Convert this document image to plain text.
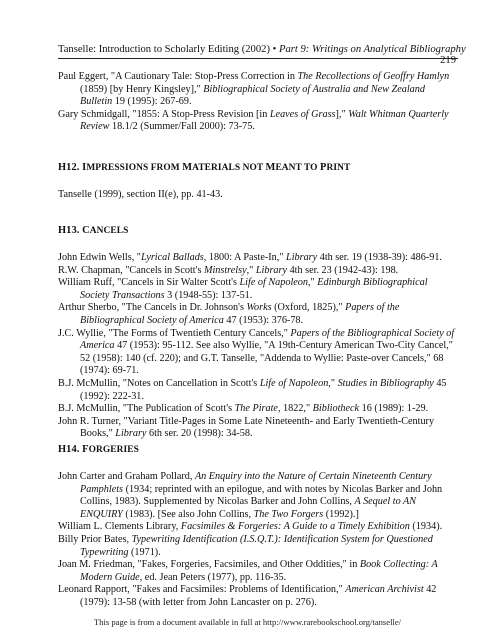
Tanselle: Introduction to Scholarly Editing (2002) • Part 9: Writings on Analytical Bibliography
219

Paul Eggert, "A Cautionary Tale: Stop-Press Correction in The Recollections of Geoffry Hamlyn (1859) [by Henry Kingsley]," Bibliographical Society of Australia and New Zealand Bulletin 19 (1995): 267-69.

Gary Schmidgall, "1855: A Stop-Press Revision [in Leaves of Grass]," Walt Whitman Quarterly Review 18.1/2 (Summer/Fall 2000): 73-75.

H12. IMPRESSIONS FROM MATERIALS NOT MEANT TO PRINT

Tanselle (1999), section II(e), pp. 41-43.

H13. CANCELS

John Edwin Wells, "Lyrical Ballads, 1800: A Paste-In," Library 4th ser. 19 (1938-39): 486-91.

R.W. Chapman, "Cancels in Scott's Minstrelsy," Library 4th ser. 23 (1942-43): 198.

William Ruff, "Cancels in Sir Walter Scott's Life of Napoleon," Edinburgh Bibliographical Society Transactions 3 (1948-55): 137-51.

Arthur Sherbo, "The Cancels in Dr. Johnson's Works (Oxford, 1825)," Papers of the Bibliographical Society of America 47 (1953): 376-78.

J.C. Wyllie, "The Forms of Twentieth Century Cancels," Papers of the Bibliographical Society of America 47 (1953): 95-112. See also Wyllie, "A 19th-Century American Two-City Cancel," 52 (1958): 140 (cf. 220); and G.T. Tanselle, "Addenda to Wyllie: Paste-over Cancels," 68 (1974): 69-71.

B.J. McMullin, "Notes on Cancellation in Scott's Life of Napoleon," Studies in Bibliography 45 (1992): 222-31.

B.J. McMullin, "The Publication of Scott's The Pirate, 1822," Bibliotheck 16 (1989): 1-29.

John R. Turner, "Variant Title-Pages in Some Late Nineteenth- and Early Twentieth-Century Books," Library 6th ser. 20 (1998): 34-58.

H14. FORGERIES

John Carter and Graham Pollard, An Enquiry into the Nature of Certain Nineteenth Century Pamphlets (1934; reprinted with an epilogue, and with notes by Nicolas Barker and John Collins, 1983). Supplemented by Nicolas Barker and John Collins, A Sequel to AN ENQUIRY (1983). [See also John Collins, The Two Forgers (1992).]

William L. Clements Library, Facsimiles & Forgeries: A Guide to a Timely Exhibition (1934).

Billy Prior Bates, Typewriting Identification (I.S.Q.T.): Identification System for Questioned Typewriting (1971).

Joan M. Friedman, "Fakes, Forgeries, Facsimiles, and Other Oddities," in Book Collecting: A Modern Guide, ed. Jean Peters (1977), pp. 116-35.

Leonard Rapport, "Fakes and Facsimiles: Problems of Identification," American Archivist 42 (1979): 13-58 (with letter from John Lancaster on p. 276).

This page is from a document available in full at http://www.rarebookschool.org/tanselle/
